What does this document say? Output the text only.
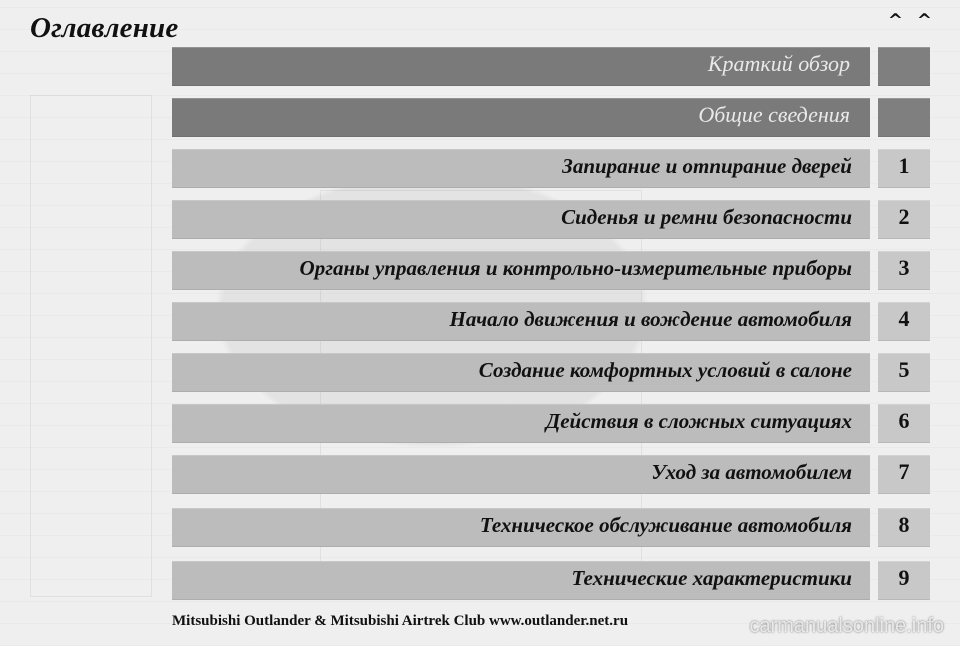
Оглавление	^ ^
Краткий обзор
Общие сведения
Запирание и отпирание дверей	1
Сиденья и ремни безопасности	2
Органы управления и контрольно-измерительные приборы	3
Начало движения и вождение автомобиля	4
Создание комфортных условий в салоне	5
Действия в сложных ситуациях	6
Уход за автомобилем	7
Техническое обслуживание автомобиля	8
Технические характеристики	9
Mitsubishi Outlander & Mitsubishi Airtrek Club www.outlander.net.ru	carmanualsonline.info
